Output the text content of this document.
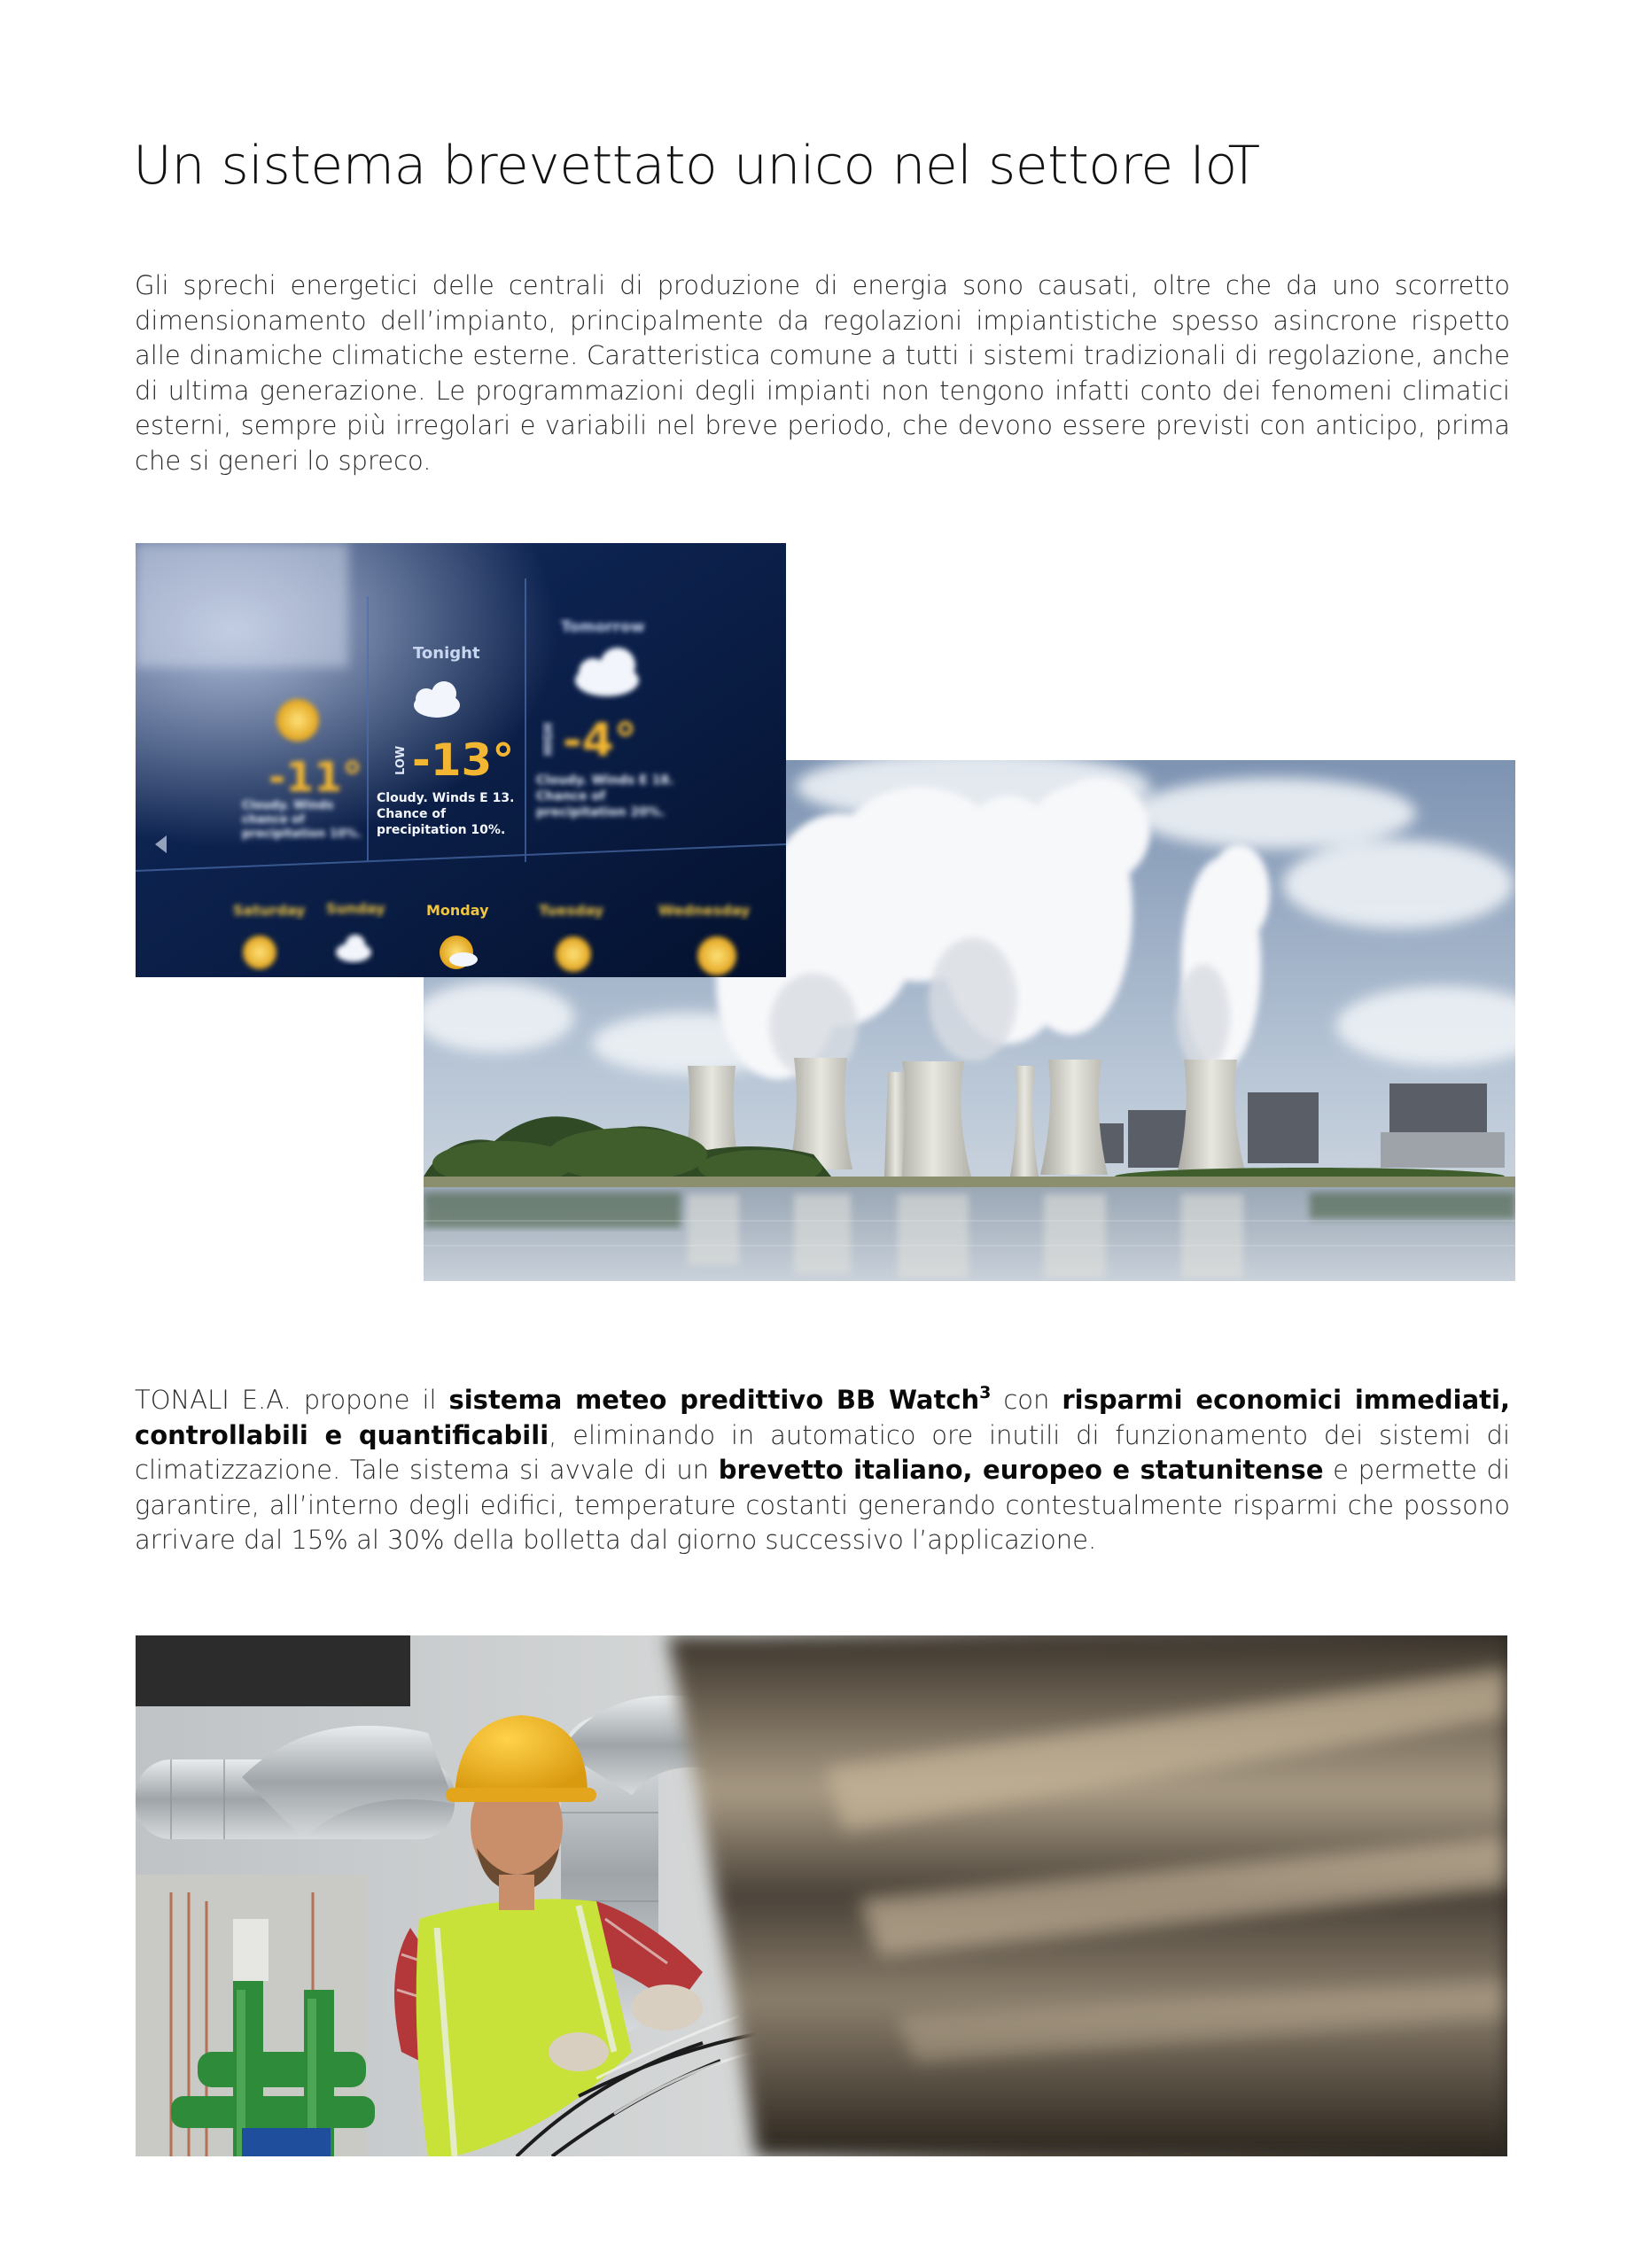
Un sistema brevettato unico nel settore IoT

Gli sprechi energetici delle centrali di produzione di energia sono causati, oltre che da uno scorretto dimensionamento dell’impianto, principalmente da regolazioni impiantistiche spesso asincrone rispetto alle dinamiche climatiche esterne. Caratteristica comune a tutti i sistemi tradizionali di regolazione, anche di ultima generazione. Le programmazioni degli impianti non tengono infatti conto dei fenomeni climatici esterni, sempre più irregolari e variabili nel breve periodo, che devono essere previsti con anticipo, prima che si generi lo spreco.

Tonight
Tomorrow
-11° -13° -4°
LOW
HIGH
Cloudy. Winds
chance of
precipitation 10%.
Cloudy. Winds E 13.
Chance of
precipitation 10%.
Cloudy. Winds E 18.
Chance of
precipitation 20%.
Saturday Sunday	Monday	Tuesday	Wednesday

TONALI E.A. propone il sistema meteo predittivo BB Watch$^3$ con risparmi economici immediati, controllabili e quantificabili, eliminando in automatico ore inutili di funzionamento dei sistemi di climatizzazione. Tale sistema si avvale di un brevetto italiano, europeo e statunitense e permette di garantire, all’interno degli edifici, temperature costanti generando contestualmente risparmi che possono arrivare dal 15% al 30% della bolletta dal giorno successivo l’applicazione.
